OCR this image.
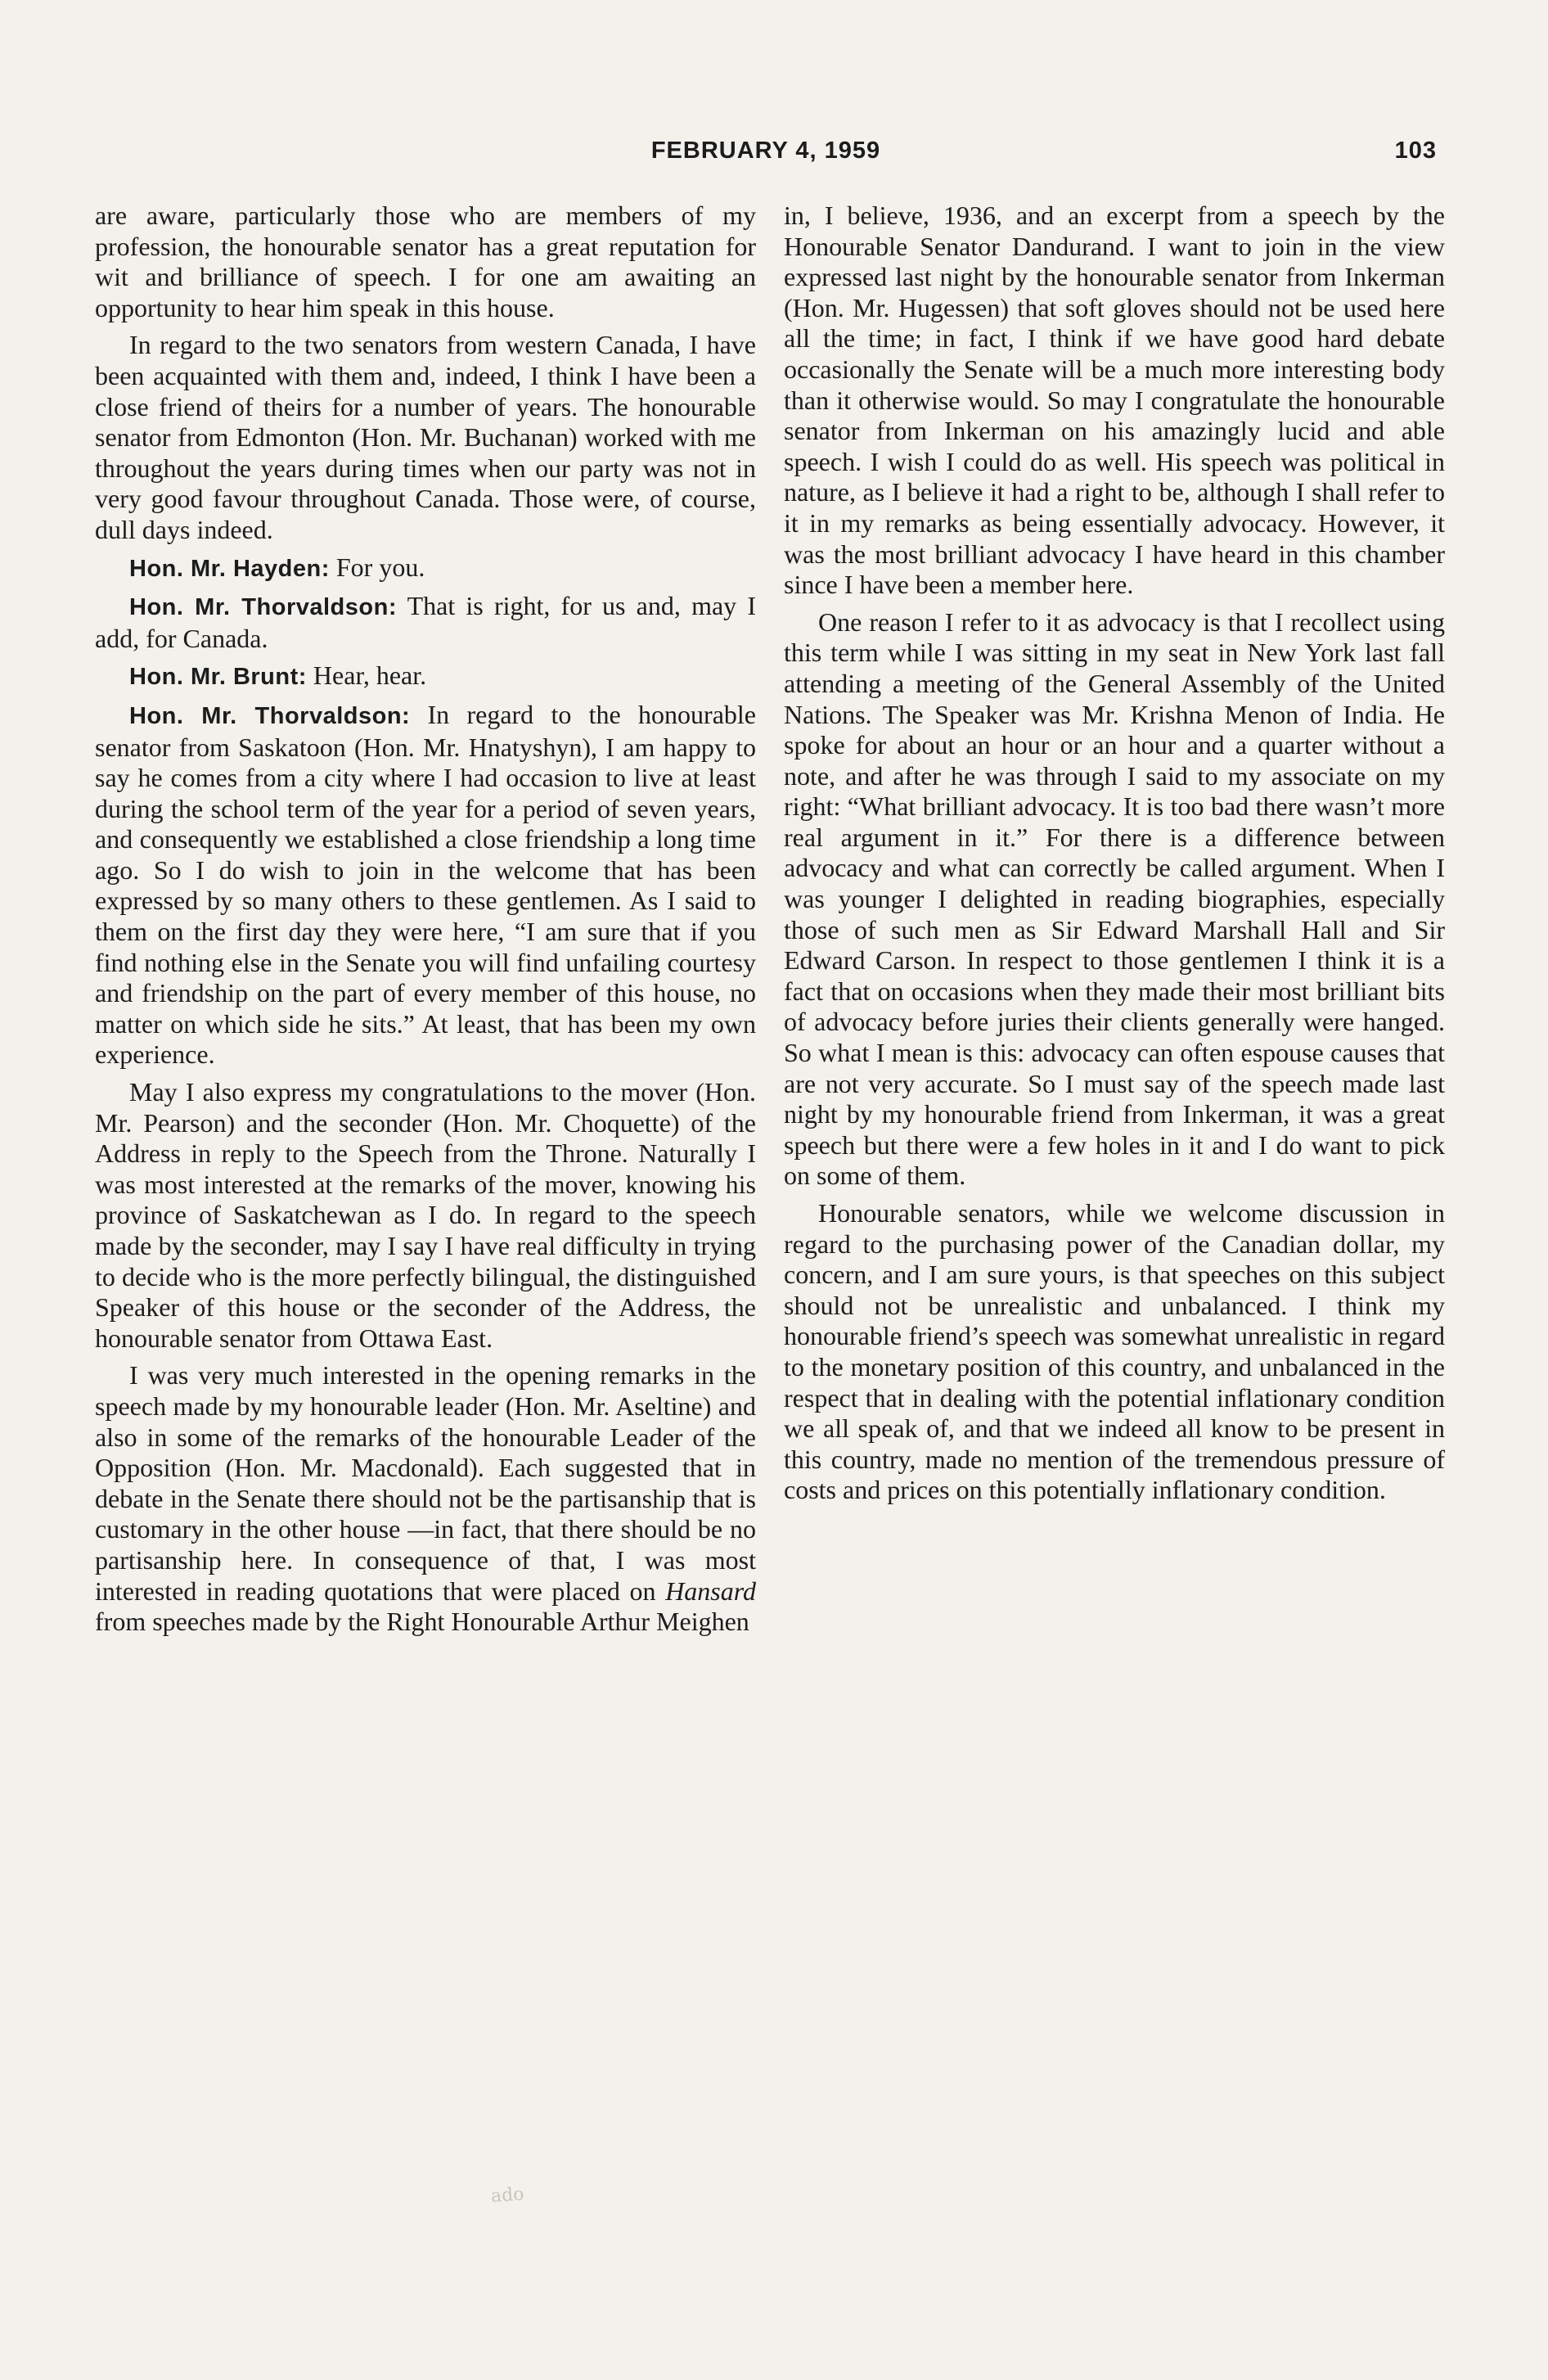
FEBRUARY 4, 1959	103

are aware, particularly those who are members of my profession, the honourable senator has a great reputation for wit and brilliance of speech. I for one am awaiting an opportunity to hear him speak in this house.

In regard to the two senators from western Canada, I have been acquainted with them and, indeed, I think I have been a close friend of theirs for a number of years. The honourable senator from Edmonton (Hon. Mr. Buchanan) worked with me throughout the years during times when our party was not in very good favour throughout Canada. Those were, of course, dull days indeed.

Hon. Mr. Hayden: For you.

Hon. Mr. Thorvaldson: That is right, for us and, may I add, for Canada.

Hon. Mr. Brunt: Hear, hear.

Hon. Mr. Thorvaldson: In regard to the honourable senator from Saskatoon (Hon. Mr. Hnatyshyn), I am happy to say he comes from a city where I had occasion to live at least during the school term of the year for a period of seven years, and consequently we established a close friendship a long time ago. So I do wish to join in the welcome that has been expressed by so many others to these gentlemen. As I said to them on the first day they were here, “I am sure that if you find nothing else in the Senate you will find unfailing courtesy and friendship on the part of every member of this house, no matter on which side he sits.” At least, that has been my own experience.

May I also express my congratulations to the mover (Hon. Mr. Pearson) and the seconder (Hon. Mr. Choquette) of the Address in reply to the Speech from the Throne. Naturally I was most interested at the remarks of the mover, knowing his province of Saskatchewan as I do. In regard to the speech made by the seconder, may I say I have real difficulty in trying to decide who is the more perfectly bilingual, the distinguished Speaker of this house or the seconder of the Address, the honourable senator from Ottawa East.

I was very much interested in the opening remarks in the speech made by my honourable leader (Hon. Mr. Aseltine) and also in some of the remarks of the honourable Leader of the Opposition (Hon. Mr. Macdonald). Each suggested that in debate in the Senate there should not be the partisanship that is customary in the other house —in fact, that there should be no partisanship here. In consequence of that, I was most interested in reading quotations that were placed on Hansard from speeches made by the Right Honourable Arthur Meighen

in, I believe, 1936, and an excerpt from a speech by the Honourable Senator Dandurand. I want to join in the view expressed last night by the honourable senator from Inkerman (Hon. Mr. Hugessen) that soft gloves should not be used here all the time; in fact, I think if we have good hard debate occasionally the Senate will be a much more interesting body than it otherwise would. So may I congratulate the honourable senator from Inkerman on his amazingly lucid and able speech. I wish I could do as well. His speech was political in nature, as I believe it had a right to be, although I shall refer to it in my remarks as being essentially advocacy. However, it was the most brilliant advocacy I have heard in this chamber since I have been a member here.

One reason I refer to it as advocacy is that I recollect using this term while I was sitting in my seat in New York last fall attending a meeting of the General Assembly of the United Nations. The Speaker was Mr. Krishna Menon of India. He spoke for about an hour or an hour and a quarter without a note, and after he was through I said to my associate on my right: “What brilliant advocacy. It is too bad there wasn’t more real argument in it.” For there is a difference between advocacy and what can correctly be called argument. When I was younger I delighted in reading biographies, especially those of such men as Sir Edward Marshall Hall and Sir Edward Carson. In respect to those gentlemen I think it is a fact that on occasions when they made their most brilliant bits of advocacy before juries their clients generally were hanged. So what I mean is this: advocacy can often espouse causes that are not very accurate. So I must say of the speech made last night by my honourable friend from Inkerman, it was a great speech but there were a few holes in it and I do want to pick on some of them.

Honourable senators, while we welcome discussion in regard to the purchasing power of the Canadian dollar, my concern, and I am sure yours, is that speeches on this subject should not be unrealistic and unbalanced. I think my honourable friend’s speech was somewhat unrealistic in regard to the monetary position of this country, and unbalanced in the respect that in dealing with the potential inflationary condition we all speak of, and that we indeed all know to be present in this country, made no mention of the tremendous pressure of costs and prices on this potentially inflationary condition.

ado
